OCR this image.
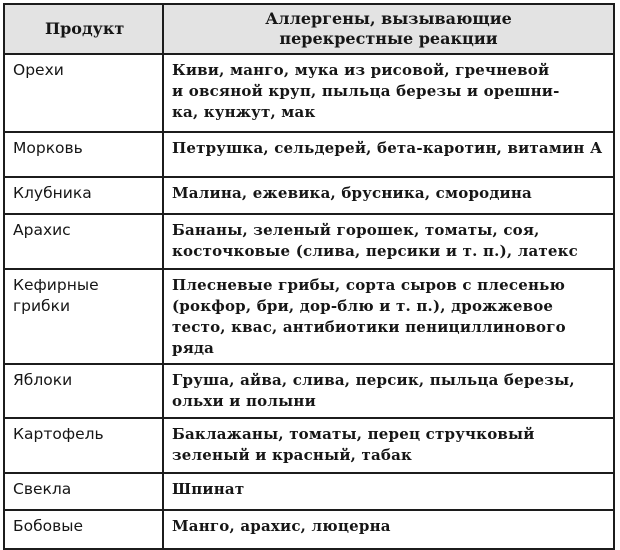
Продукт	Аллергены, вызывающие
перекрестные реакции
Орехи	Киви, манго, мука из рисовой, гречневой
и овсяной круп, пыльца березы и орешни-
ка, кунжут, мак
Морковь	Петрушка, сельдерей, бета-каротин, витамин А
Клубника	Малина, ежевика, брусника, смородина
Арахис	Бананы, зеленый горошек, томаты, соя,
косточковые (слива, персики и т. п.), латекс
Кефирные
грибки	Плесневые грибы, сорта сыров с плесенью
(рокфор, бри, дор-блю и т. п.), дрожжевое
тесто, квас, антибиотики пенициллинового ряда
Яблоки	Груша, айва, слива, персик, пыльца березы,
ольхи и полыни
Картофель	Баклажаны, томаты, перец стручковый
зеленый и красный, табак
Свекла	Шпинат
Бобовые	Манго, арахис, люцерна
